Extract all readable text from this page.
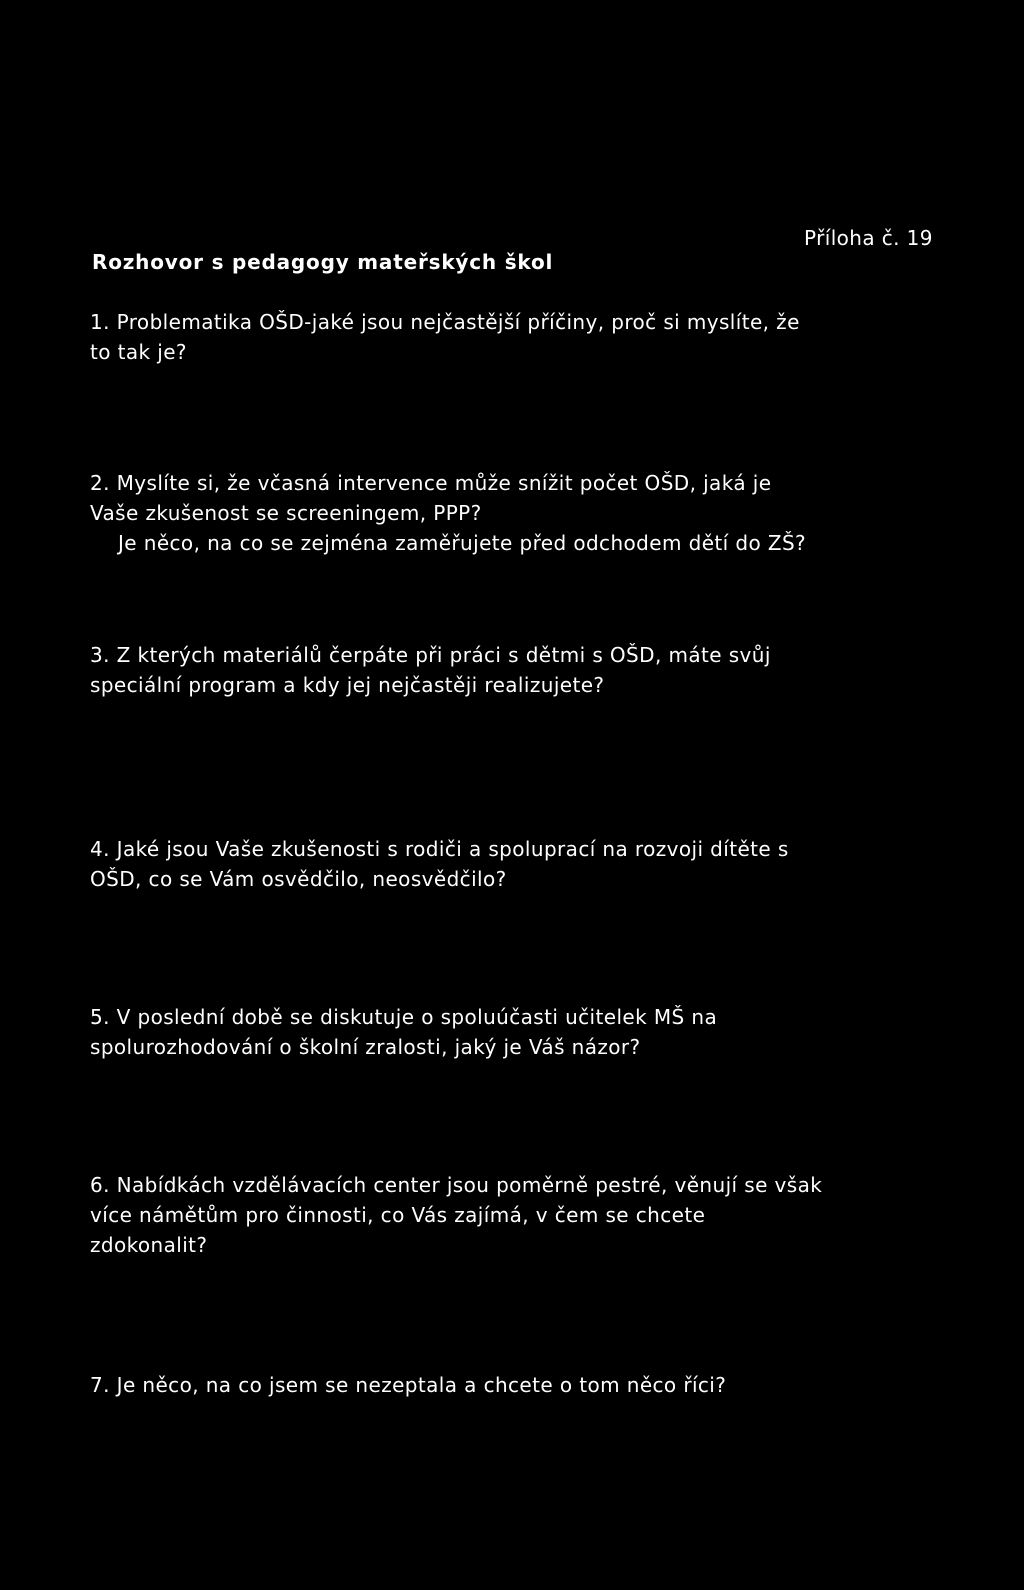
Rozhovor s pedagogy mateřských škol
Příloha č. 19
1. Problematika OŠD-jaké jsou nejčastější příčiny, proč si myslíte, že
to tak je?
2. Myslíte si, že včasná intervence může snížit počet OŠD, jaká je
Vaše zkušenost se screeningem, PPP?
Je něco, na co se zejména zaměřujete před odchodem dětí do ZŠ?
3. Z kterých materiálů čerpáte při práci s dětmi s OŠD, máte svůj
speciální program a kdy jej nejčastěji realizujete?
4. Jaké jsou Vaše zkušenosti s rodiči a spoluprací na rozvoji dítěte s
OŠD, co se Vám osvědčilo, neosvědčilo?
5. V poslední době se diskutuje o spoluúčasti učitelek MŠ na
spolurozhodování o školní zralosti, jaký je Váš názor?
6. Nabídkách vzdělávacích center jsou poměrně pestré, věnují se však
více námětům pro činnosti, co Vás zajímá, v čem se chcete
zdokonalit?
7. Je něco, na co jsem se nezeptala a chcete o tom něco říci?
